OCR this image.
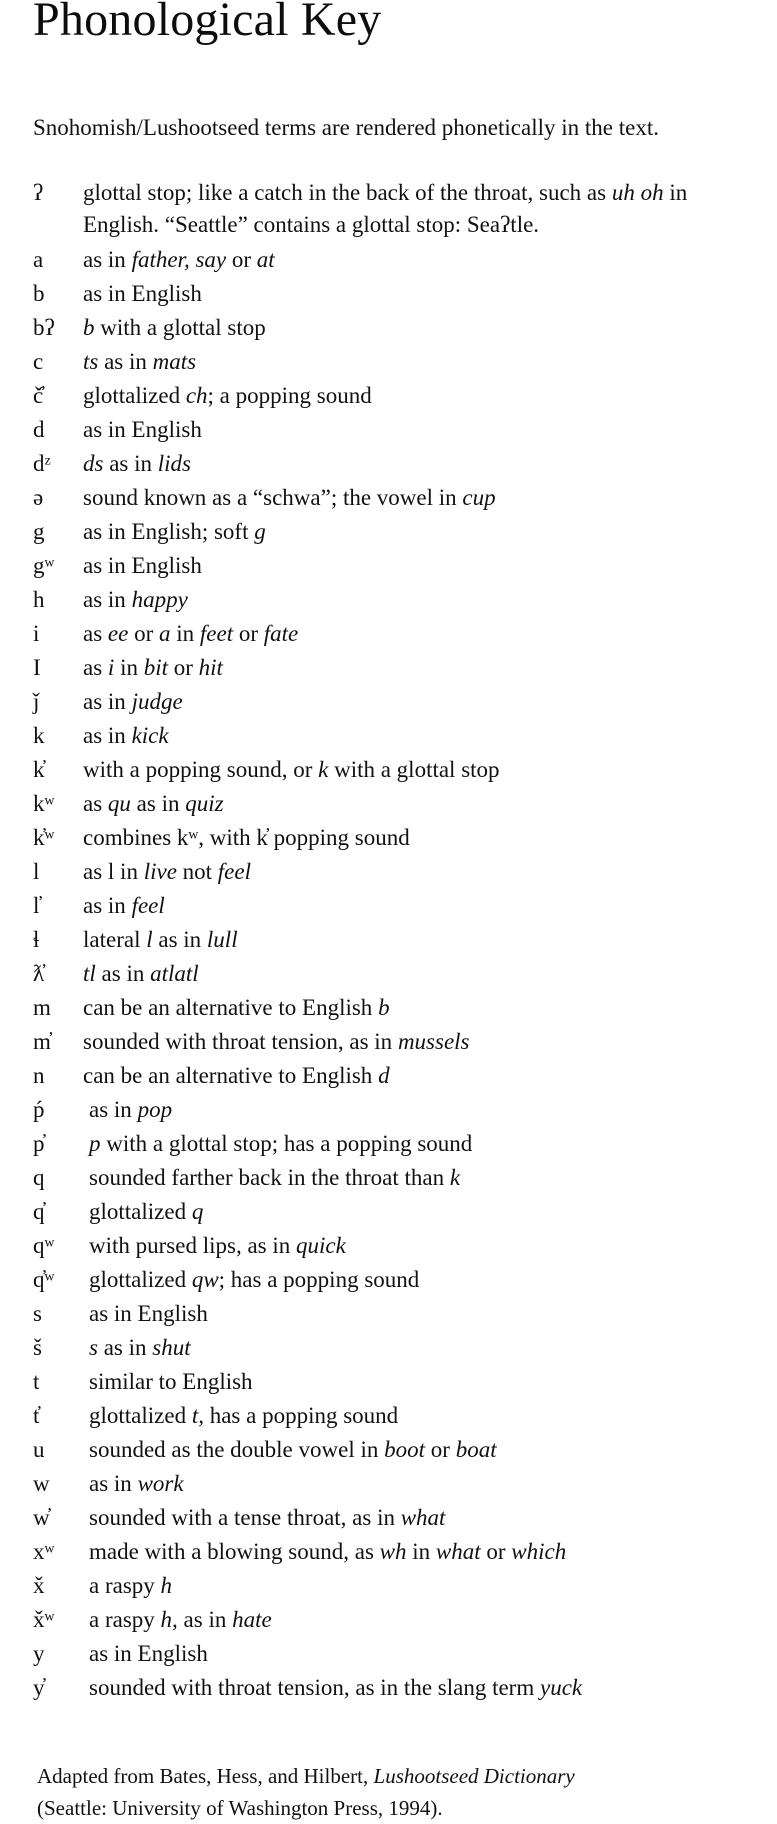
Phonological Key

Snohomish/Lushootseed terms are rendered phonetically in the text.

ʔ	glottal stop; like a catch in the back of the throat, such as uh oh in English. “Seattle” contains a glottal stop: Seaʔtle.
a	as in father, say or at
b	as in English
bʔ	b with a glottal stop
c	ts as in mats
č̓	glottalized ch; a popping sound
d	as in English
dᶻ	ds as in lids
ə	sound known as a “schwa”; the vowel in cup
g	as in English; soft g
gʷ	as in English
h	as in happy
i	as ee or a in feet or fate
I	as i in bit or hit
ǰ	as in judge
k	as in kick
k̓	with a popping sound, or k with a glottal stop
kʷ	as qu as in quiz
k̓ʷ	combines kʷ, with k̓ popping sound
l	as l in live not feel
l̕	as in feel
ɬ	lateral l as in lull
ƛ̓	tl as in atlatl
m	can be an alternative to English b
m̓	sounded with throat tension, as in mussels
n	can be an alternative to English d
ṕ	as in pop
p̓	p with a glottal stop; has a popping sound
q	sounded farther back in the throat than k
q̓	glottalized q
qʷ	with pursed lips, as in quick
q̓ʷ	glottalized qw; has a popping sound
s	as in English
š	s as in shut
t	similar to English
t̓	glottalized t, has a popping sound
u	sounded as the double vowel in boot or boat
w	as in work
w̓	sounded with a tense throat, as in what
xʷ	made with a blowing sound, as wh in what or which
x̌	a raspy h
x̌ʷ	a raspy h, as in hate
y	as in English
y̓	sounded with throat tension, as in the slang term yuck

Adapted from Bates, Hess, and Hilbert, Lushootseed Dictionary
(Seattle: University of Washington Press, 1994).
